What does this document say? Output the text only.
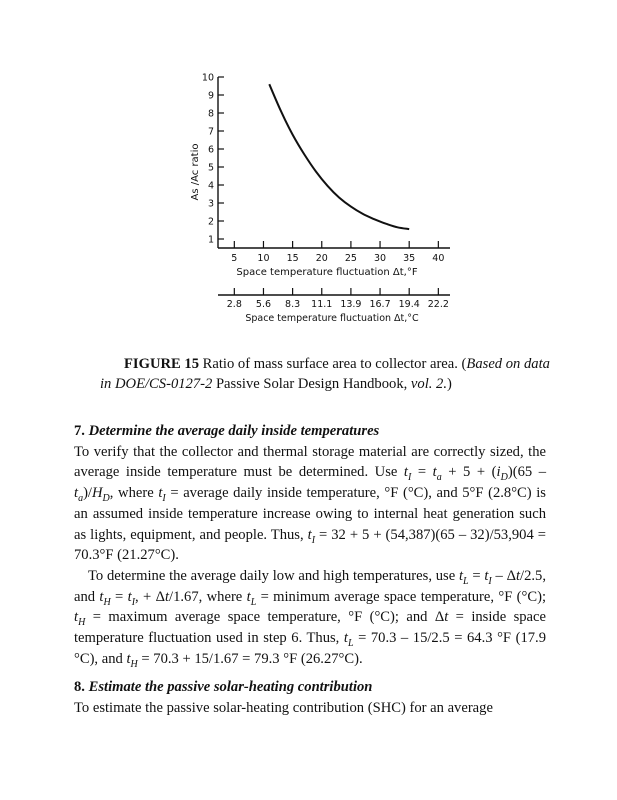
1
2
3
4
5
6
7
8
9
10
5 10 15 20 25 30 35 40
2.8 5.6 8.3 11.1 13.9 16.7 19.4 22.2
As /Ac ratio
Space temperature fluctuation Δt,°F
Space temperature fluctuation Δt,°C
FIGURE 15 Ratio of mass surface area to collector area. (Based on data in DOE/CS-0127-2 Passive Solar Design Handbook, vol. 2.)

7. Determine the average daily inside temperatures

To verify that the collector and thermal storage material are correctly sized, the average inside temperature must be determined. Use $t_I = t_a + 5 + (i_D)(65 - t_a)/H_D$, where $t_I$ = average daily inside temperature, °F (°C), and 5°F (2.8°C) is an assumed inside temperature increase owing to internal heat generation such as lights, equipment, and people. Thus, $t_I = 32 + 5 + (54,387)(65 - 32)/53,904 = 70.3^\circ F$ (21.27°C).

To determine the average daily low and high temperatures, use $t_L = t_I - \Delta t/2.5$, and $t_H = t_I$, + Δt/1.67, where $t_L$ = minimum average space temperature, °F (°C); $t_H$ = maximum average space temperature, °F (°C); and Δt = inside space temperature fluctuation used in step 6. Thus, $t_L = 70.3 - 15/2.5 = 64.3$ °F (17.9 °C), and $t_H = 70.3 + 15/1.67 = 79.3$ °F (26.27°C).

8. Estimate the passive solar-heating contribution

To estimate the passive solar-heating contribution (SHC) for an average
